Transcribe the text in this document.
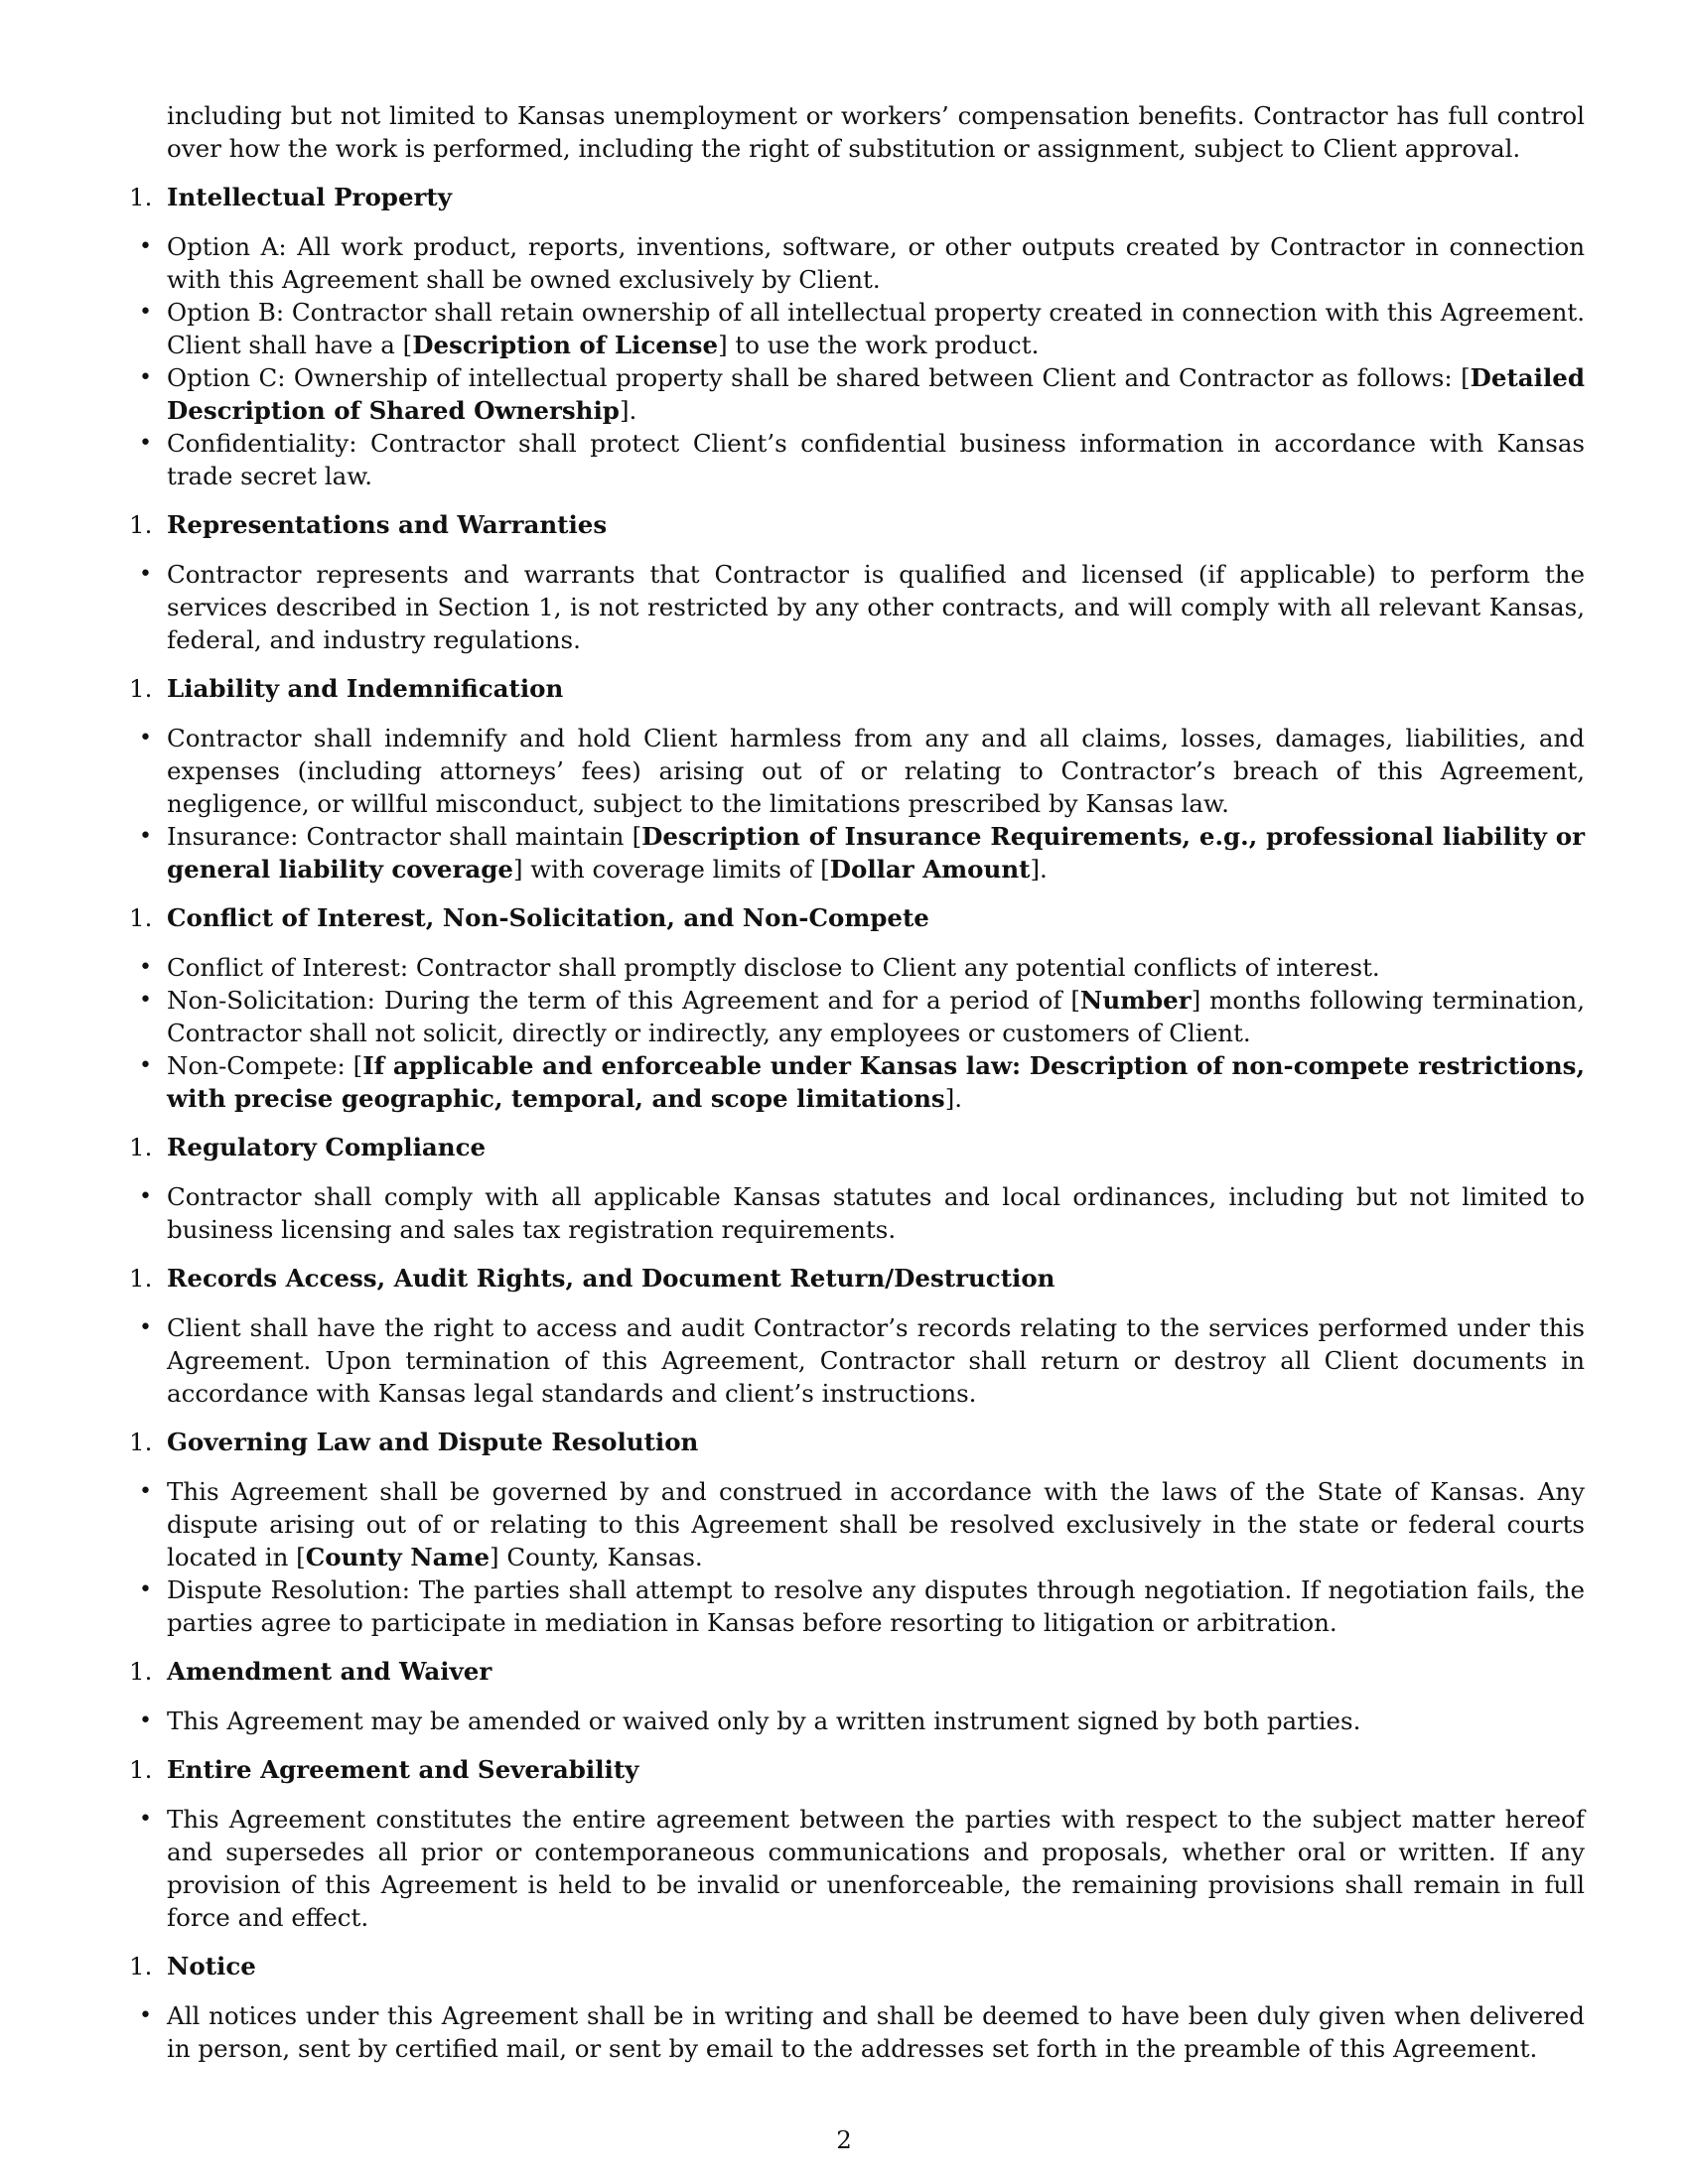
including but not limited to Kansas unemployment or workers’ compensation benefits. Contractor has full control over how the work is performed, including the right of substitution or assignment, subject to Client approval.

1. Intellectual Property
• Option A: All work product, reports, inventions, software, or other outputs created by Contractor in connection with this Agreement shall be owned exclusively by Client.
• Option B: Contractor shall retain ownership of all intellectual property created in connection with this Agreement. Client shall have a [Description of License] to use the work product.
• Option C: Ownership of intellectual property shall be shared between Client and Contractor as follows: [Detailed Description of Shared Ownership].
• Confidentiality: Contractor shall protect Client’s confidential business information in accordance with Kansas trade secret law.
1. Representations and Warranties
• Contractor represents and warrants that Contractor is qualified and licensed (if applicable) to perform the services described in Section 1, is not restricted by any other contracts, and will comply with all relevant Kansas, federal, and industry regulations.
1. Liability and Indemnification
• Contractor shall indemnify and hold Client harmless from any and all claims, losses, damages, liabilities, and expenses (including attorneys’ fees) arising out of or relating to Contractor’s breach of this Agreement, negligence, or willful misconduct, subject to the limitations prescribed by Kansas law.
• Insurance: Contractor shall maintain [Description of Insurance Requirements, e.g., professional liability or general liability coverage] with coverage limits of [Dollar Amount].
1. Conflict of Interest, Non-Solicitation, and Non-Compete
• Conflict of Interest: Contractor shall promptly disclose to Client any potential conflicts of interest.
• Non-Solicitation: During the term of this Agreement and for a period of [Number] months following termination, Contractor shall not solicit, directly or indirectly, any employees or customers of Client.
• Non-Compete: [If applicable and enforceable under Kansas law: Description of non-compete restrictions, with precise geographic, temporal, and scope limitations].
1. Regulatory Compliance
• Contractor shall comply with all applicable Kansas statutes and local ordinances, including but not limited to business licensing and sales tax registration requirements.
1. Records Access, Audit Rights, and Document Return/Destruction
• Client shall have the right to access and audit Contractor’s records relating to the services performed under this Agreement. Upon termination of this Agreement, Contractor shall return or destroy all Client documents in accordance with Kansas legal standards and client’s instructions.
1. Governing Law and Dispute Resolution
• This Agreement shall be governed by and construed in accordance with the laws of the State of Kansas. Any dispute arising out of or relating to this Agreement shall be resolved exclusively in the state or federal courts located in [County Name] County, Kansas.
• Dispute Resolution: The parties shall attempt to resolve any disputes through negotiation. If negotiation fails, the parties agree to participate in mediation in Kansas before resorting to litigation or arbitration.
1. Amendment and Waiver
• This Agreement may be amended or waived only by a written instrument signed by both parties.
1. Entire Agreement and Severability
• This Agreement constitutes the entire agreement between the parties with respect to the subject matter hereof and supersedes all prior or contemporaneous communications and proposals, whether oral or written. If any provision of this Agreement is held to be invalid or unenforceable, the remaining provisions shall remain in full force and effect.
1. Notice
• All notices under this Agreement shall be in writing and shall be deemed to have been duly given when delivered in person, sent by certified mail, or sent by email to the addresses set forth in the preamble of this Agreement.
2
